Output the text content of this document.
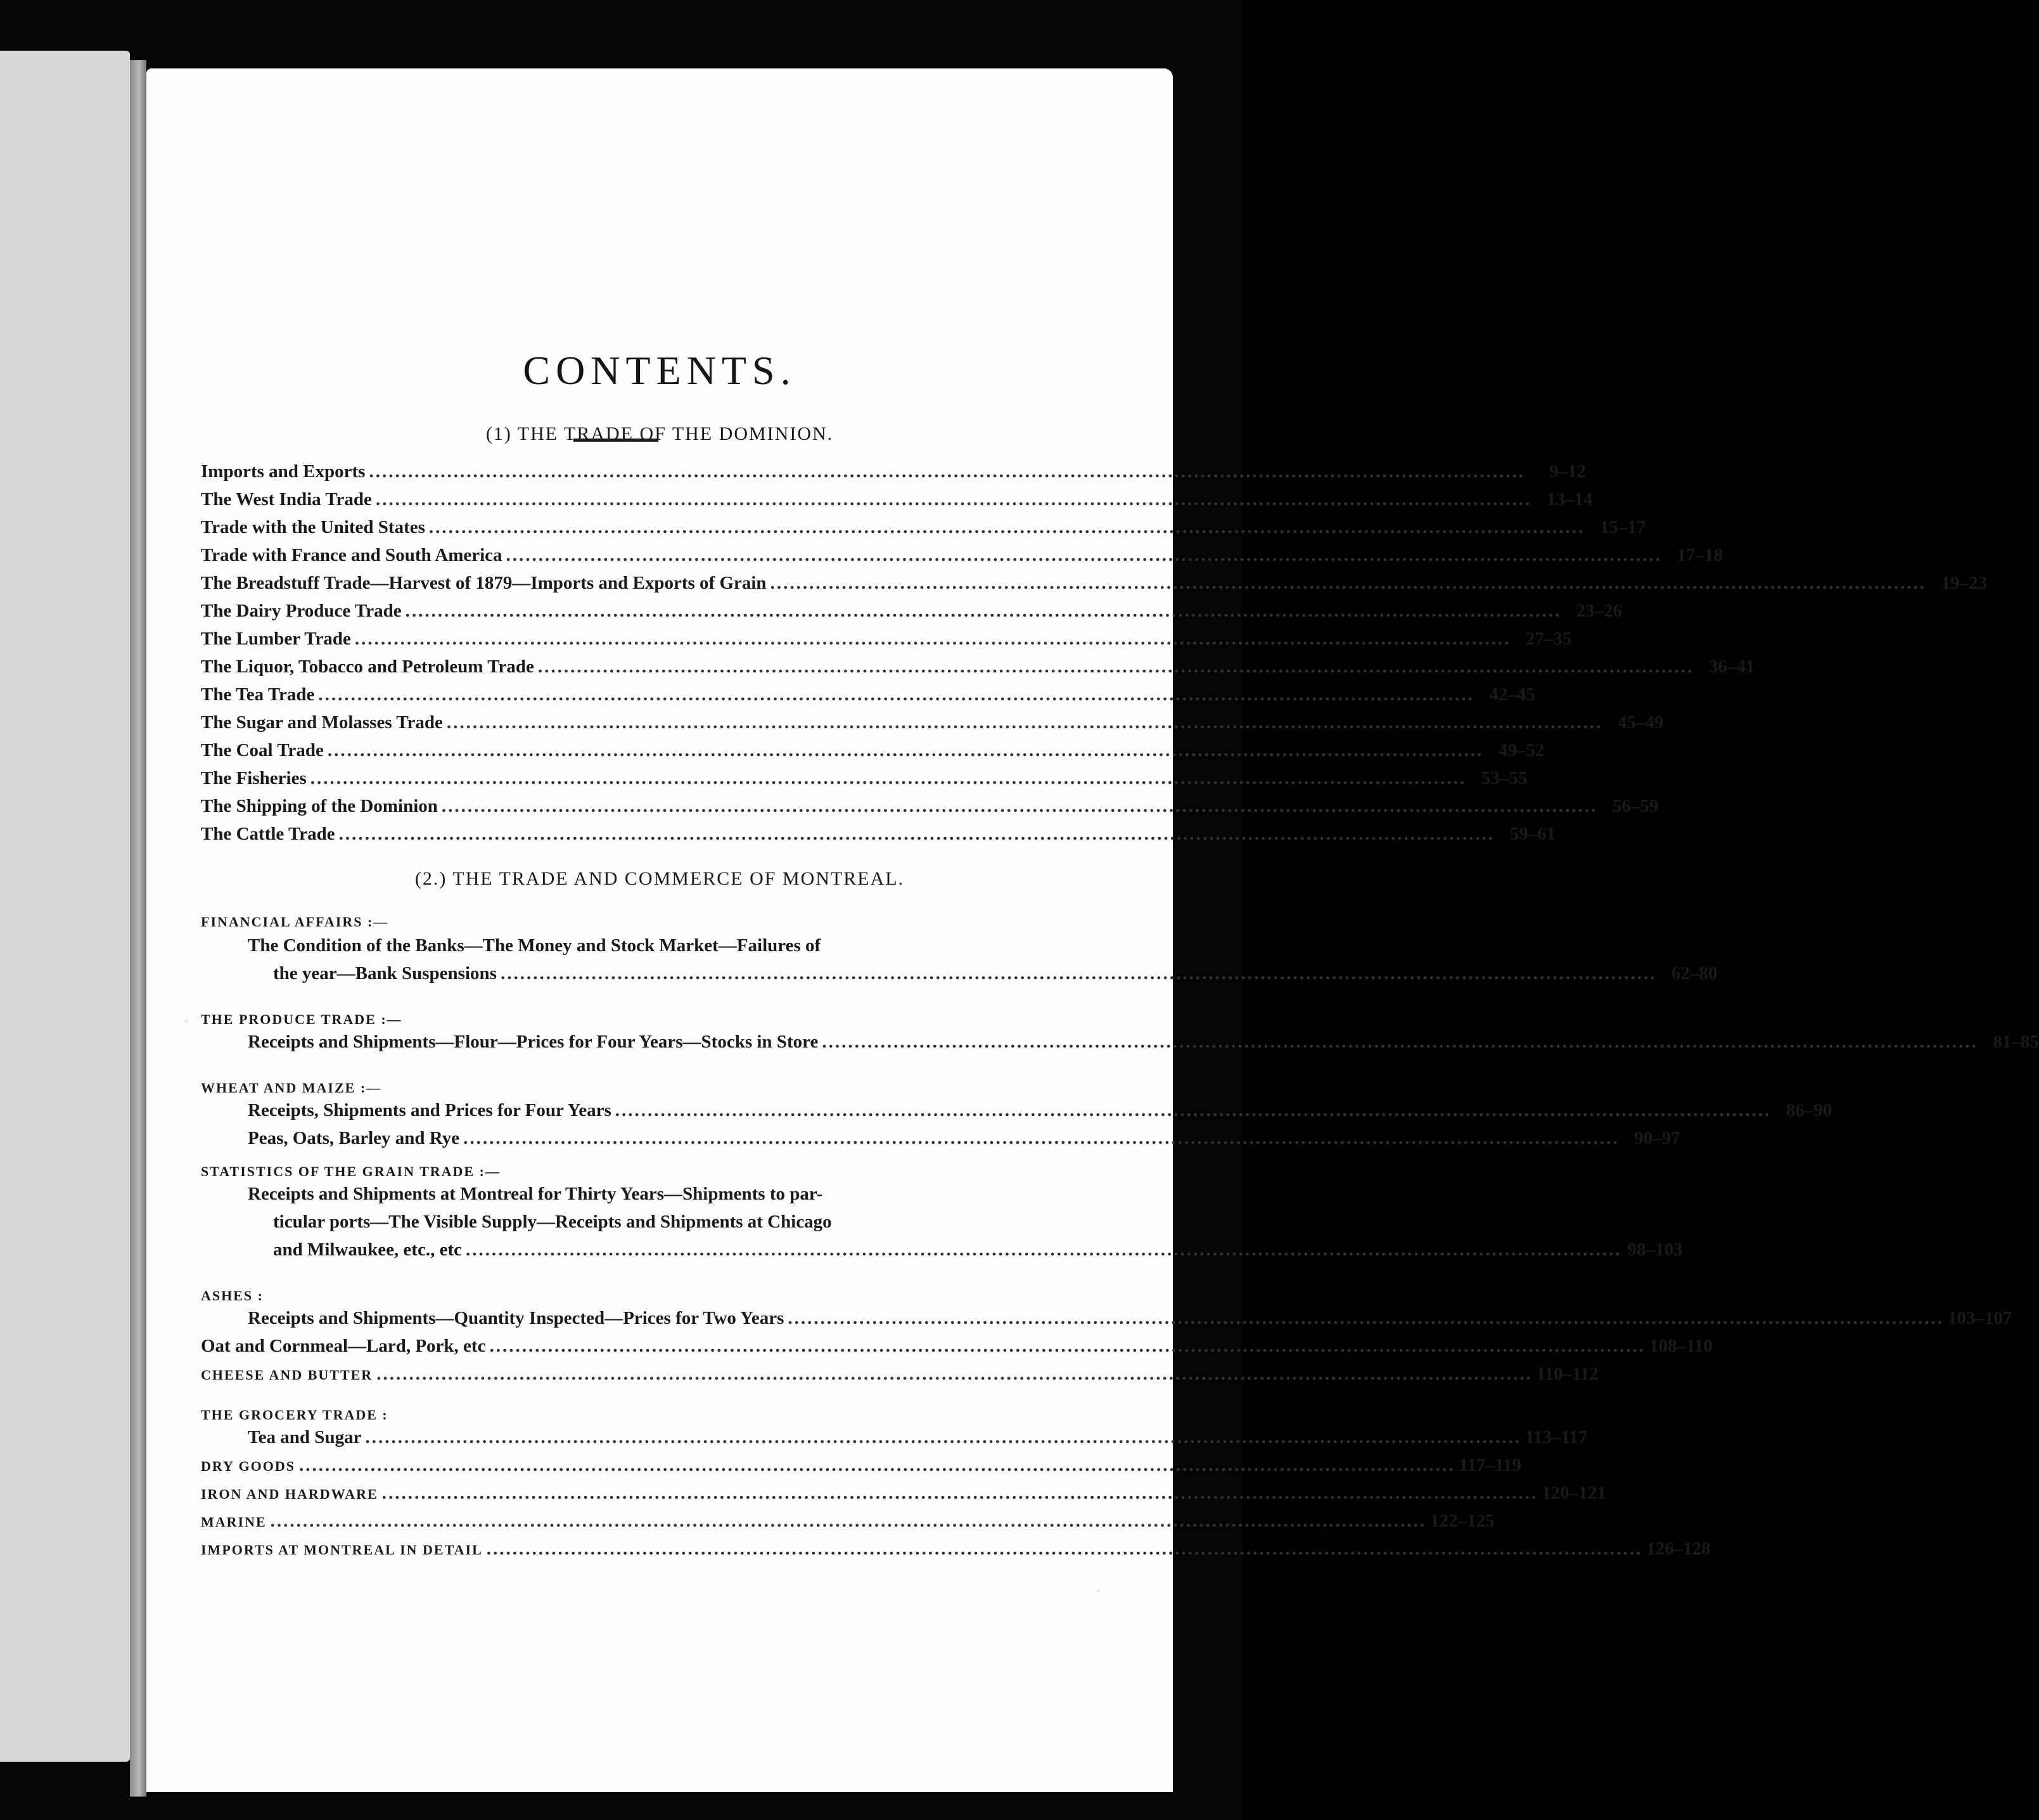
CONTENTS.
(1) THE TRADE OF THE DOMINION.
Imports and Exports ..................................................................................................................................................................................	9–12
The West India Trade .................................................................................................................................................................................. 13–14
Trade with the United States .................................................................................................................................................................................. 15–17
Trade with France and South America .................................................................................................................................................................................. 17–18
The Breadstuff Trade—Harvest of 1879—Imports and Exports of Grain .................................................................................................................................................................................. 19–23
The Dairy Produce Trade .................................................................................................................................................................................. 23–26
The Lumber Trade .................................................................................................................................................................................. 27–35
The Liquor, Tobacco and Petroleum Trade .................................................................................................................................................................................. 36–41
The Tea Trade .................................................................................................................................................................................. 42–45
The Sugar and Molasses Trade .................................................................................................................................................................................. 45–49
The Coal Trade .................................................................................................................................................................................. 49–52
The Fisheries .................................................................................................................................................................................. 53–55
The Shipping of the Dominion .................................................................................................................................................................................. 56–59
The Cattle Trade .................................................................................................................................................................................. 59–61
(2.) THE TRADE AND COMMERCE OF MONTREAL.
FINANCIAL AFFAIRS :—
The Condition of the Banks—The Money and Stock Market—Failures of
the year—Bank Suspensions .................................................................................................................................................................................. 62–80
THE PRODUCE TRADE :—
Receipts and Shipments—Flour—Prices for Four Years—Stocks in Store .................................................................................................................................................................................. 81–85
WHEAT AND MAIZE :—
Receipts, Shipments and Prices for Four Years .................................................................................................................................................................................. 86–90
Peas, Oats, Barley and Rye .................................................................................................................................................................................. 90–97
STATISTICS OF THE GRAIN TRADE :—
Receipts and Shipments at Montreal for Thirty Years—Shipments to par-
ticular ports—The Visible Supply—Receipts and Shipments at Chicago
and Milwaukee, etc., etc .................................................................................................................................................................................. 98–103
ASHES :
Receipts and Shipments—Quantity Inspected—Prices for Two Years .................................................................................................................................................................................. 103–107
Oat and Cornmeal—Lard, Pork, etc .................................................................................................................................................................................. 108–110
CHEESE AND BUTTER .................................................................................................................................................................................. 110–112
THE GROCERY TRADE :
Tea and Sugar .................................................................................................................................................................................. 113–117
DRY GOODS .................................................................................................................................................................................. 117–119
IRON AND HARDWARE .................................................................................................................................................................................. 120–121
MARINE .................................................................................................................................................................................. 122–125
IMPORTS AT MONTREAL IN DETAIL .................................................................................................................................................................................. 126–128
